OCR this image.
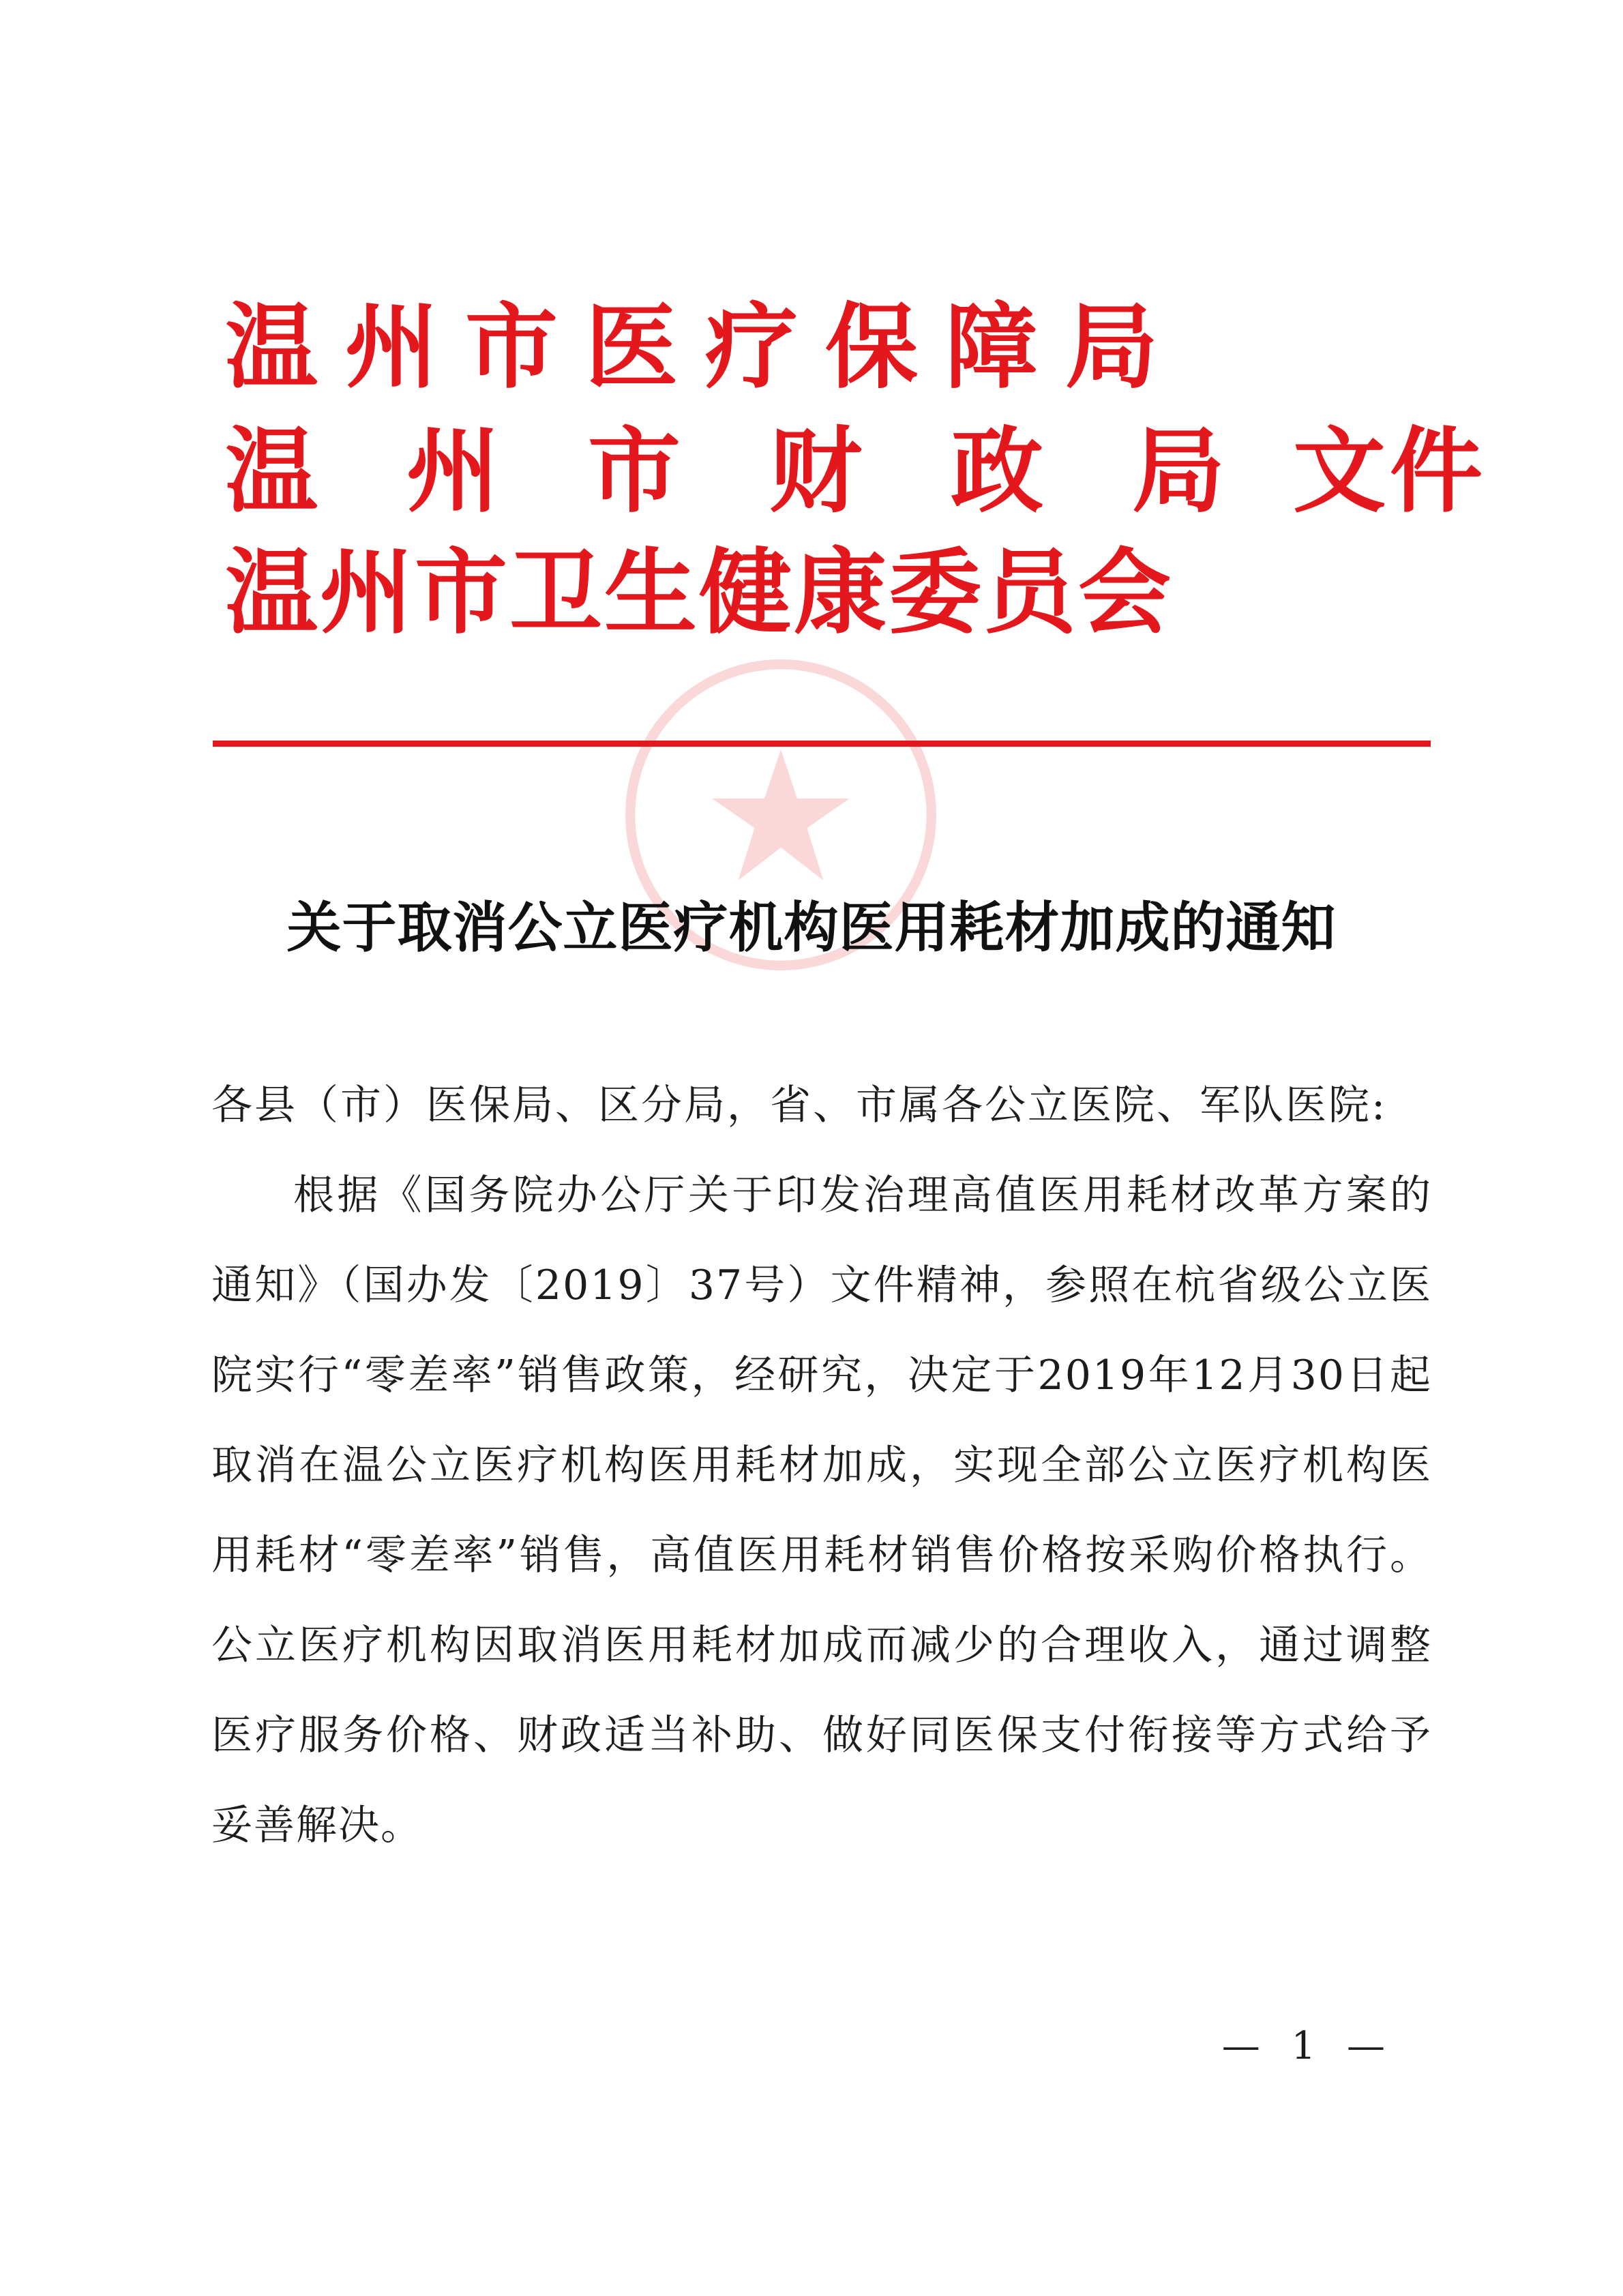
温州市医疗保障局
温州市财政局文件
温州市卫生健康委员会
关于取消公立医疗机构医用耗材加成的通知

各县（市）医保局、区分局，省、市属各公立医院、军队医院:

根据《国务院办公厅关于印发治理高值医用耗材改革方案的通知》（国办发〔2019〕37号）文件精神，参照在杭省级公立医院实行“零差率”销售政策，经研究，决定于2019年12月30日起取消在温公立医疗机构医用耗材加成，实现全部公立医疗机构医用耗材“零差率”销售，高值医用耗材销售价格按采购价格执行。公立医疗机构因取消医用耗材加成而减少的合理收入，通过调整医疗服务价格、财政适当补助、做好同医保支付衔接等方式给予妥善解决。

— 1 —
